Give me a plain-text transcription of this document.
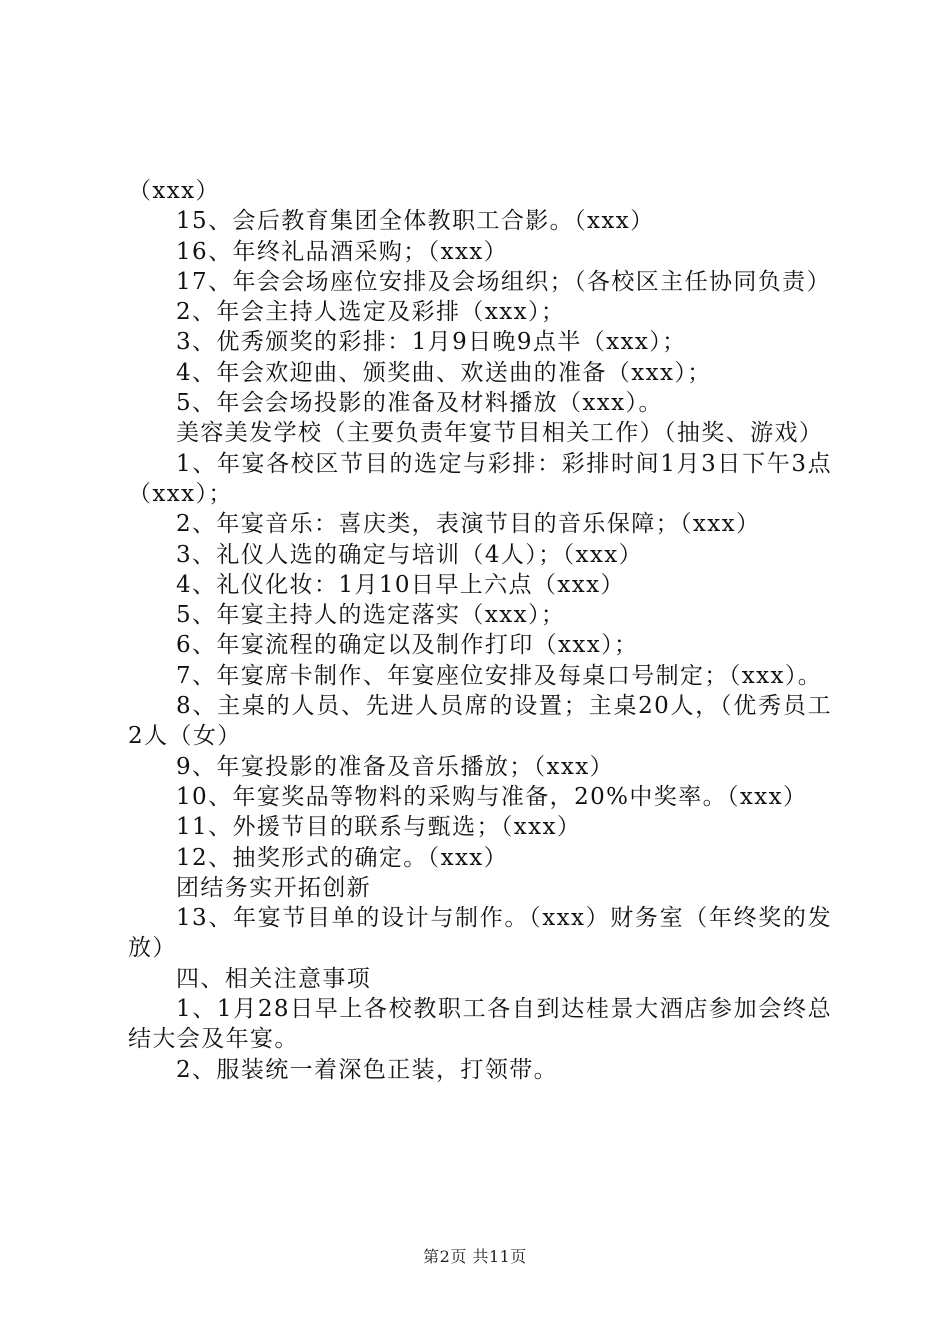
（xxx）

15、会后教育集团全体教职工合影。（xxx）

16、年终礼品酒采购；（xxx）

17、年会会场座位安排及会场组织；（各校区主任协同负责）

2、年会主持人选定及彩排（xxx）；

3、优秀颁奖的彩排：1月9日晚9点半（xxx）；

4、年会欢迎曲、颁奖曲、欢送曲的准备（xxx）；

5、年会会场投影的准备及材料播放（xxx）。

美容美发学校（主要负责年宴节目相关工作）（抽奖、游戏）

1、年宴各校区节目的选定与彩排：彩排时间1月3日下午3点（xxx）；

2、年宴音乐：喜庆类，表演节目的音乐保障；（xxx）

3、礼仪人选的确定与培训（4人）；（xxx）

4、礼仪化妆：1月10日早上六点（xxx）

5、年宴主持人的选定落实（xxx）；

6、年宴流程的确定以及制作打印（xxx）；

7、年宴席卡制作、年宴座位安排及每桌口号制定；（xxx）。

8、主桌的人员、先进人员席的设置；主桌20人，（优秀员工2人（女）

9、年宴投影的准备及音乐播放；（xxx）

10、年宴奖品等物料的采购与准备，20%中奖率。（xxx）

11、外援节目的联系与甄选；（xxx）

12、抽奖形式的确定。（xxx）

团结务实开拓创新

13、年宴节目单的设计与制作。（xxx）财务室（年终奖的发放）

四、相关注意事项

1、1月28日早上各校教职工各自到达桂景大酒店参加会终总结大会及年宴。

2、服装统一着深色正装，打领带。

第2页 共11页
